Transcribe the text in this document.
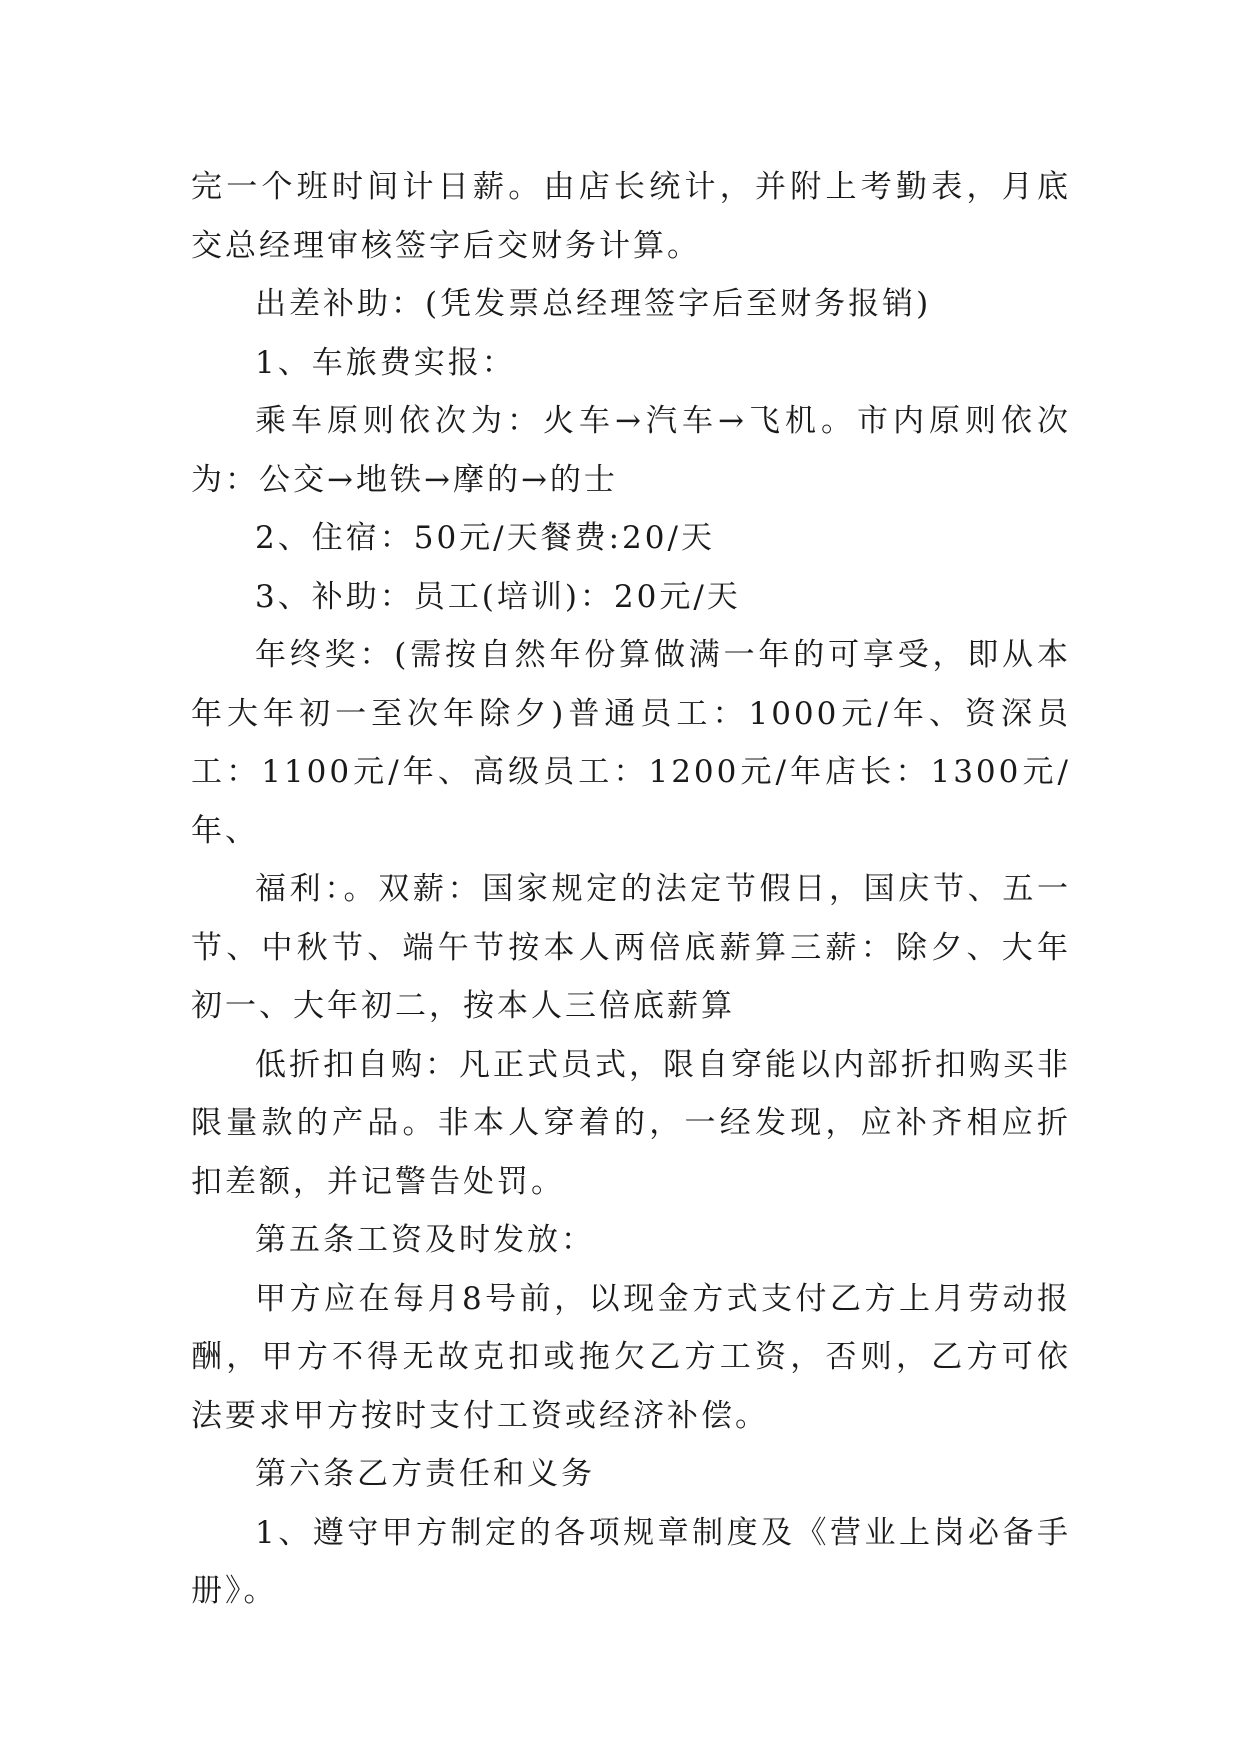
完一个班时间计日薪。由店长统计，并附上考勤表，月底交总经理审核签字后交财务计算。

出差补助：(凭发票总经理签字后至财务报销)

1、车旅费实报：

乘车原则依次为：火车→汽车→飞机。市内原则依次为：公交→地铁→摩的→的士

2、住宿：50元/天餐费:20/天

3、补助：员工(培训)：20元/天

年终奖：(需按自然年份算做满一年的可享受，即从本年大年初一至次年除夕)普通员工：1000元/年、资深员工：1100元/年、高级员工：1200元/年店长：1300元/年、

福利：。双薪：国家规定的法定节假日，国庆节、五一节、中秋节、端午节按本人两倍底薪算三薪：除夕、大年初一、大年初二，按本人三倍底薪算

低折扣自购：凡正式员式，限自穿能以内部折扣购买非限量款的产品。非本人穿着的，一经发现，应补齐相应折扣差额，并记警告处罚。

第五条工资及时发放：

甲方应在每月8号前，以现金方式支付乙方上月劳动报酬，甲方不得无故克扣或拖欠乙方工资，否则，乙方可依法要求甲方按时支付工资或经济补偿。

第六条乙方责任和义务

1、遵守甲方制定的各项规章制度及《营业上岗必备手册》。
